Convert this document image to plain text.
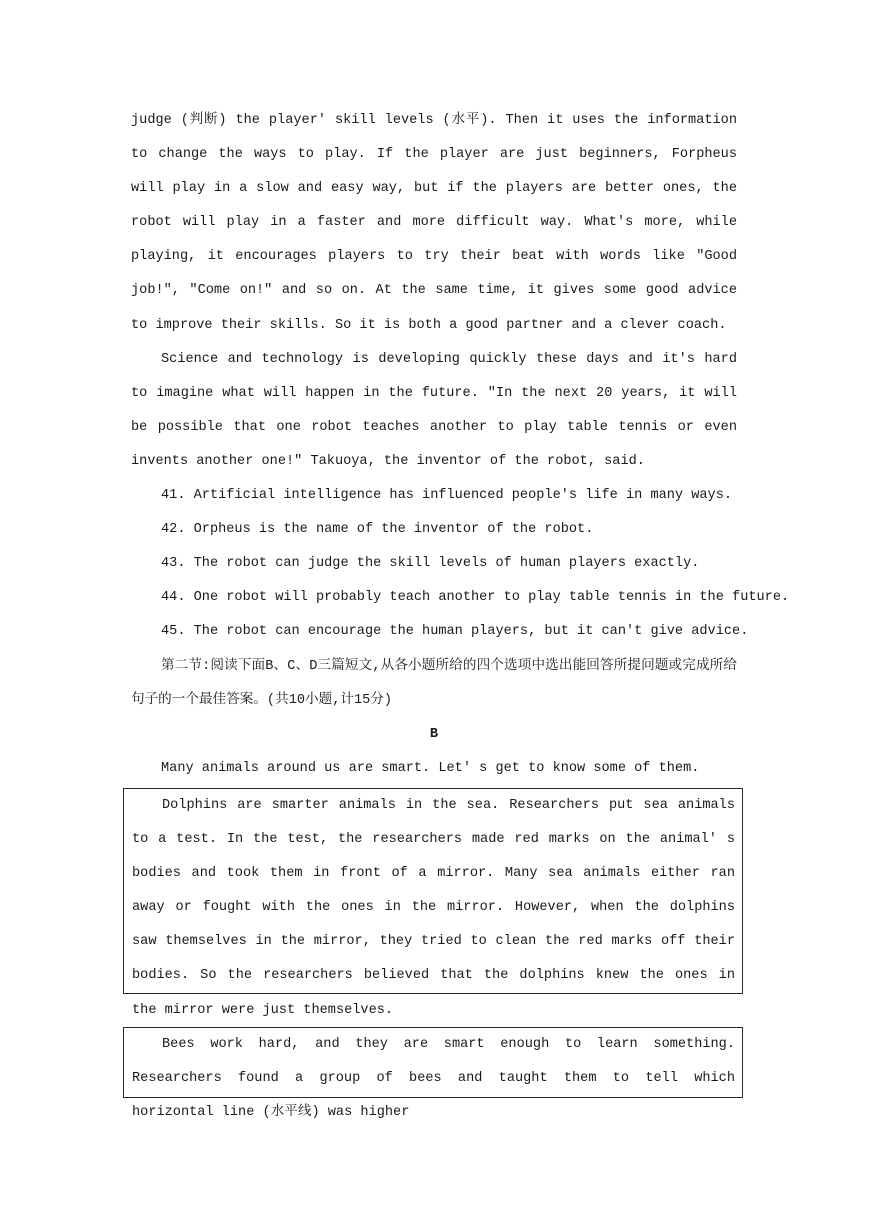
judge (判断) the player' skill levels (水平). Then it uses the information to change the ways to play. If the player are just beginners, Forpheus will play in a slow and easy way, but if the players are better ones, the robot will play in a faster and more difficult way. What's more, while playing, it encourages players to try their beat with words like "Good job!", "Come on!" and so on. At the same time, it gives some good advice to improve their skills. So it is both a good partner and a clever coach.

Science and technology is developing quickly these days and it's hard to imagine what will happen in the future. "In the next 20 years, it will be possible that one robot teaches another to play table tennis or even invents another one!" Takuoya, the inventor of the robot, said.

41. Artificial intelligence has influenced people's life in many ways.

42. Orpheus is the name of the inventor of the robot.

43. The robot can judge the skill levels of human players exactly.

44. One robot will probably teach another to play table tennis in the future.

45. The robot can encourage the human players, but it can't give advice.

第二节:阅读下面B、C、D三篇短文,从各小题所给的四个选项中选出能回答所提问题或完成所给句子的一个最佳答案。(共10小题,计15分)

B

Many animals around us are smart. Let' s get to know some of them.

Dolphins are smarter animals in the sea. Researchers put sea animals to a test. In the test, the researchers made red marks on the animal' s bodies and took them in front of a mirror. Many sea animals either ran away or fought with the ones in the mirror. However, when the dolphins saw themselves in the mirror, they tried to clean the red marks off their bodies. So the researchers believed that the dolphins knew the ones in the mirror were just themselves.

Bees work hard, and they are smart enough to learn something. Researchers found a group of bees and taught them to tell which horizontal line (水平线) was higher
